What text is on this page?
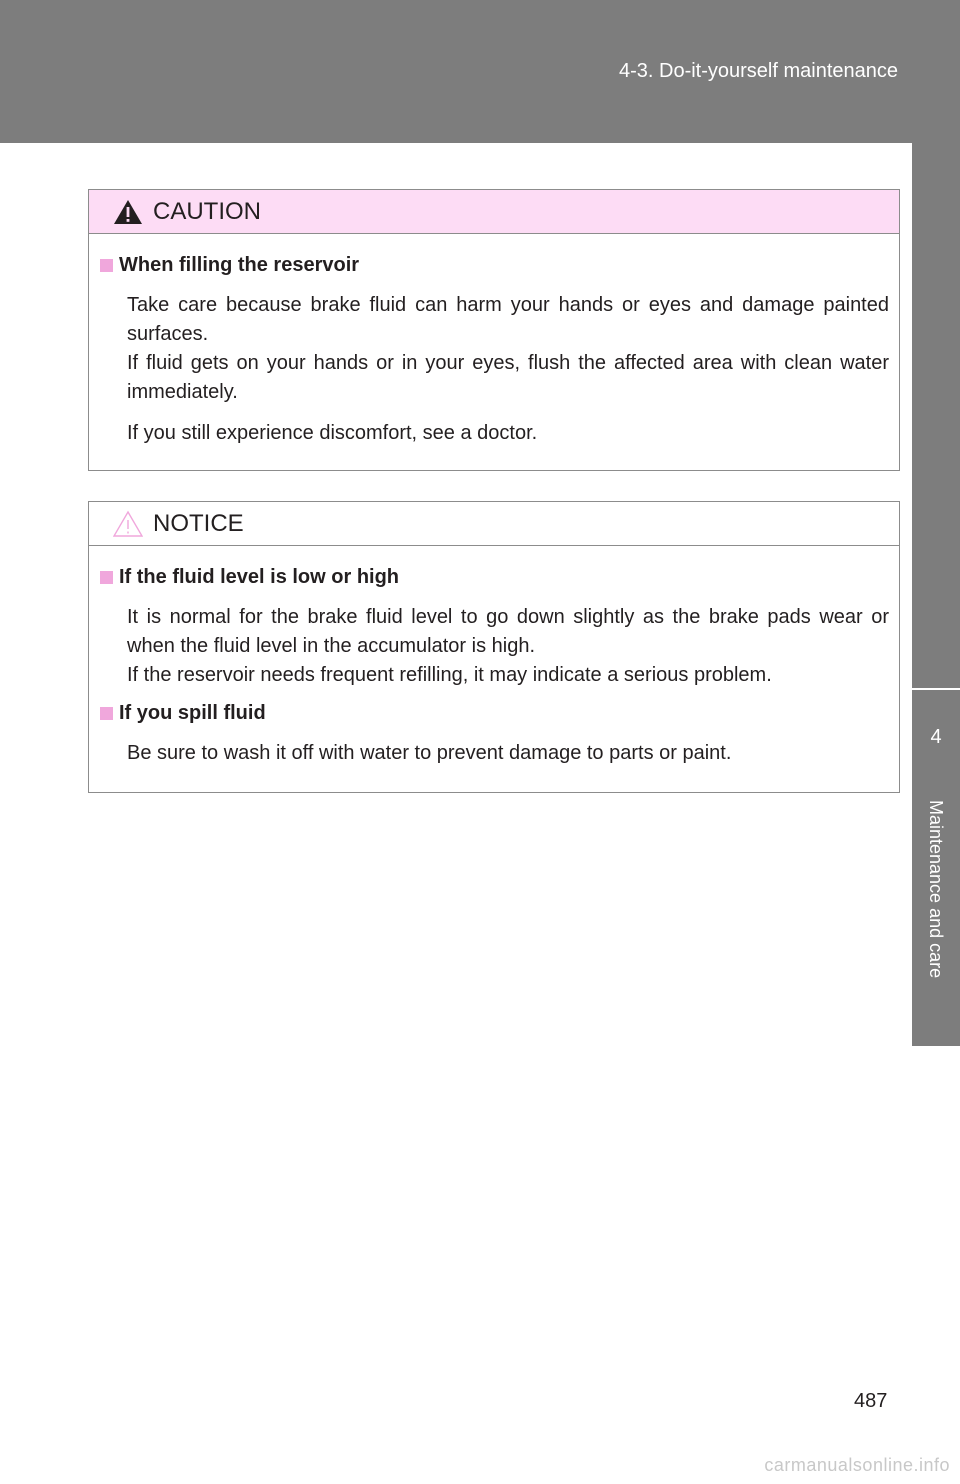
4-3. Do-it-yourself maintenance
4
Maintenance and care
CAUTION
When filling the reservoir

Take care because brake fluid can harm your hands or eyes and damage painted surfaces.

If fluid gets on your hands or in your eyes, flush the affected area with clean water immediately.

If you still experience discomfort, see a doctor.

NOTICE
If the fluid level is low or high

It is normal for the brake fluid level to go down slightly as the brake pads wear or when the fluid level in the accumulator is high.

If the reservoir needs frequent refilling, it may indicate a serious problem.

If you spill fluid

Be sure to wash it off with water to prevent damage to parts or paint.

487
carmanualsonline.info
